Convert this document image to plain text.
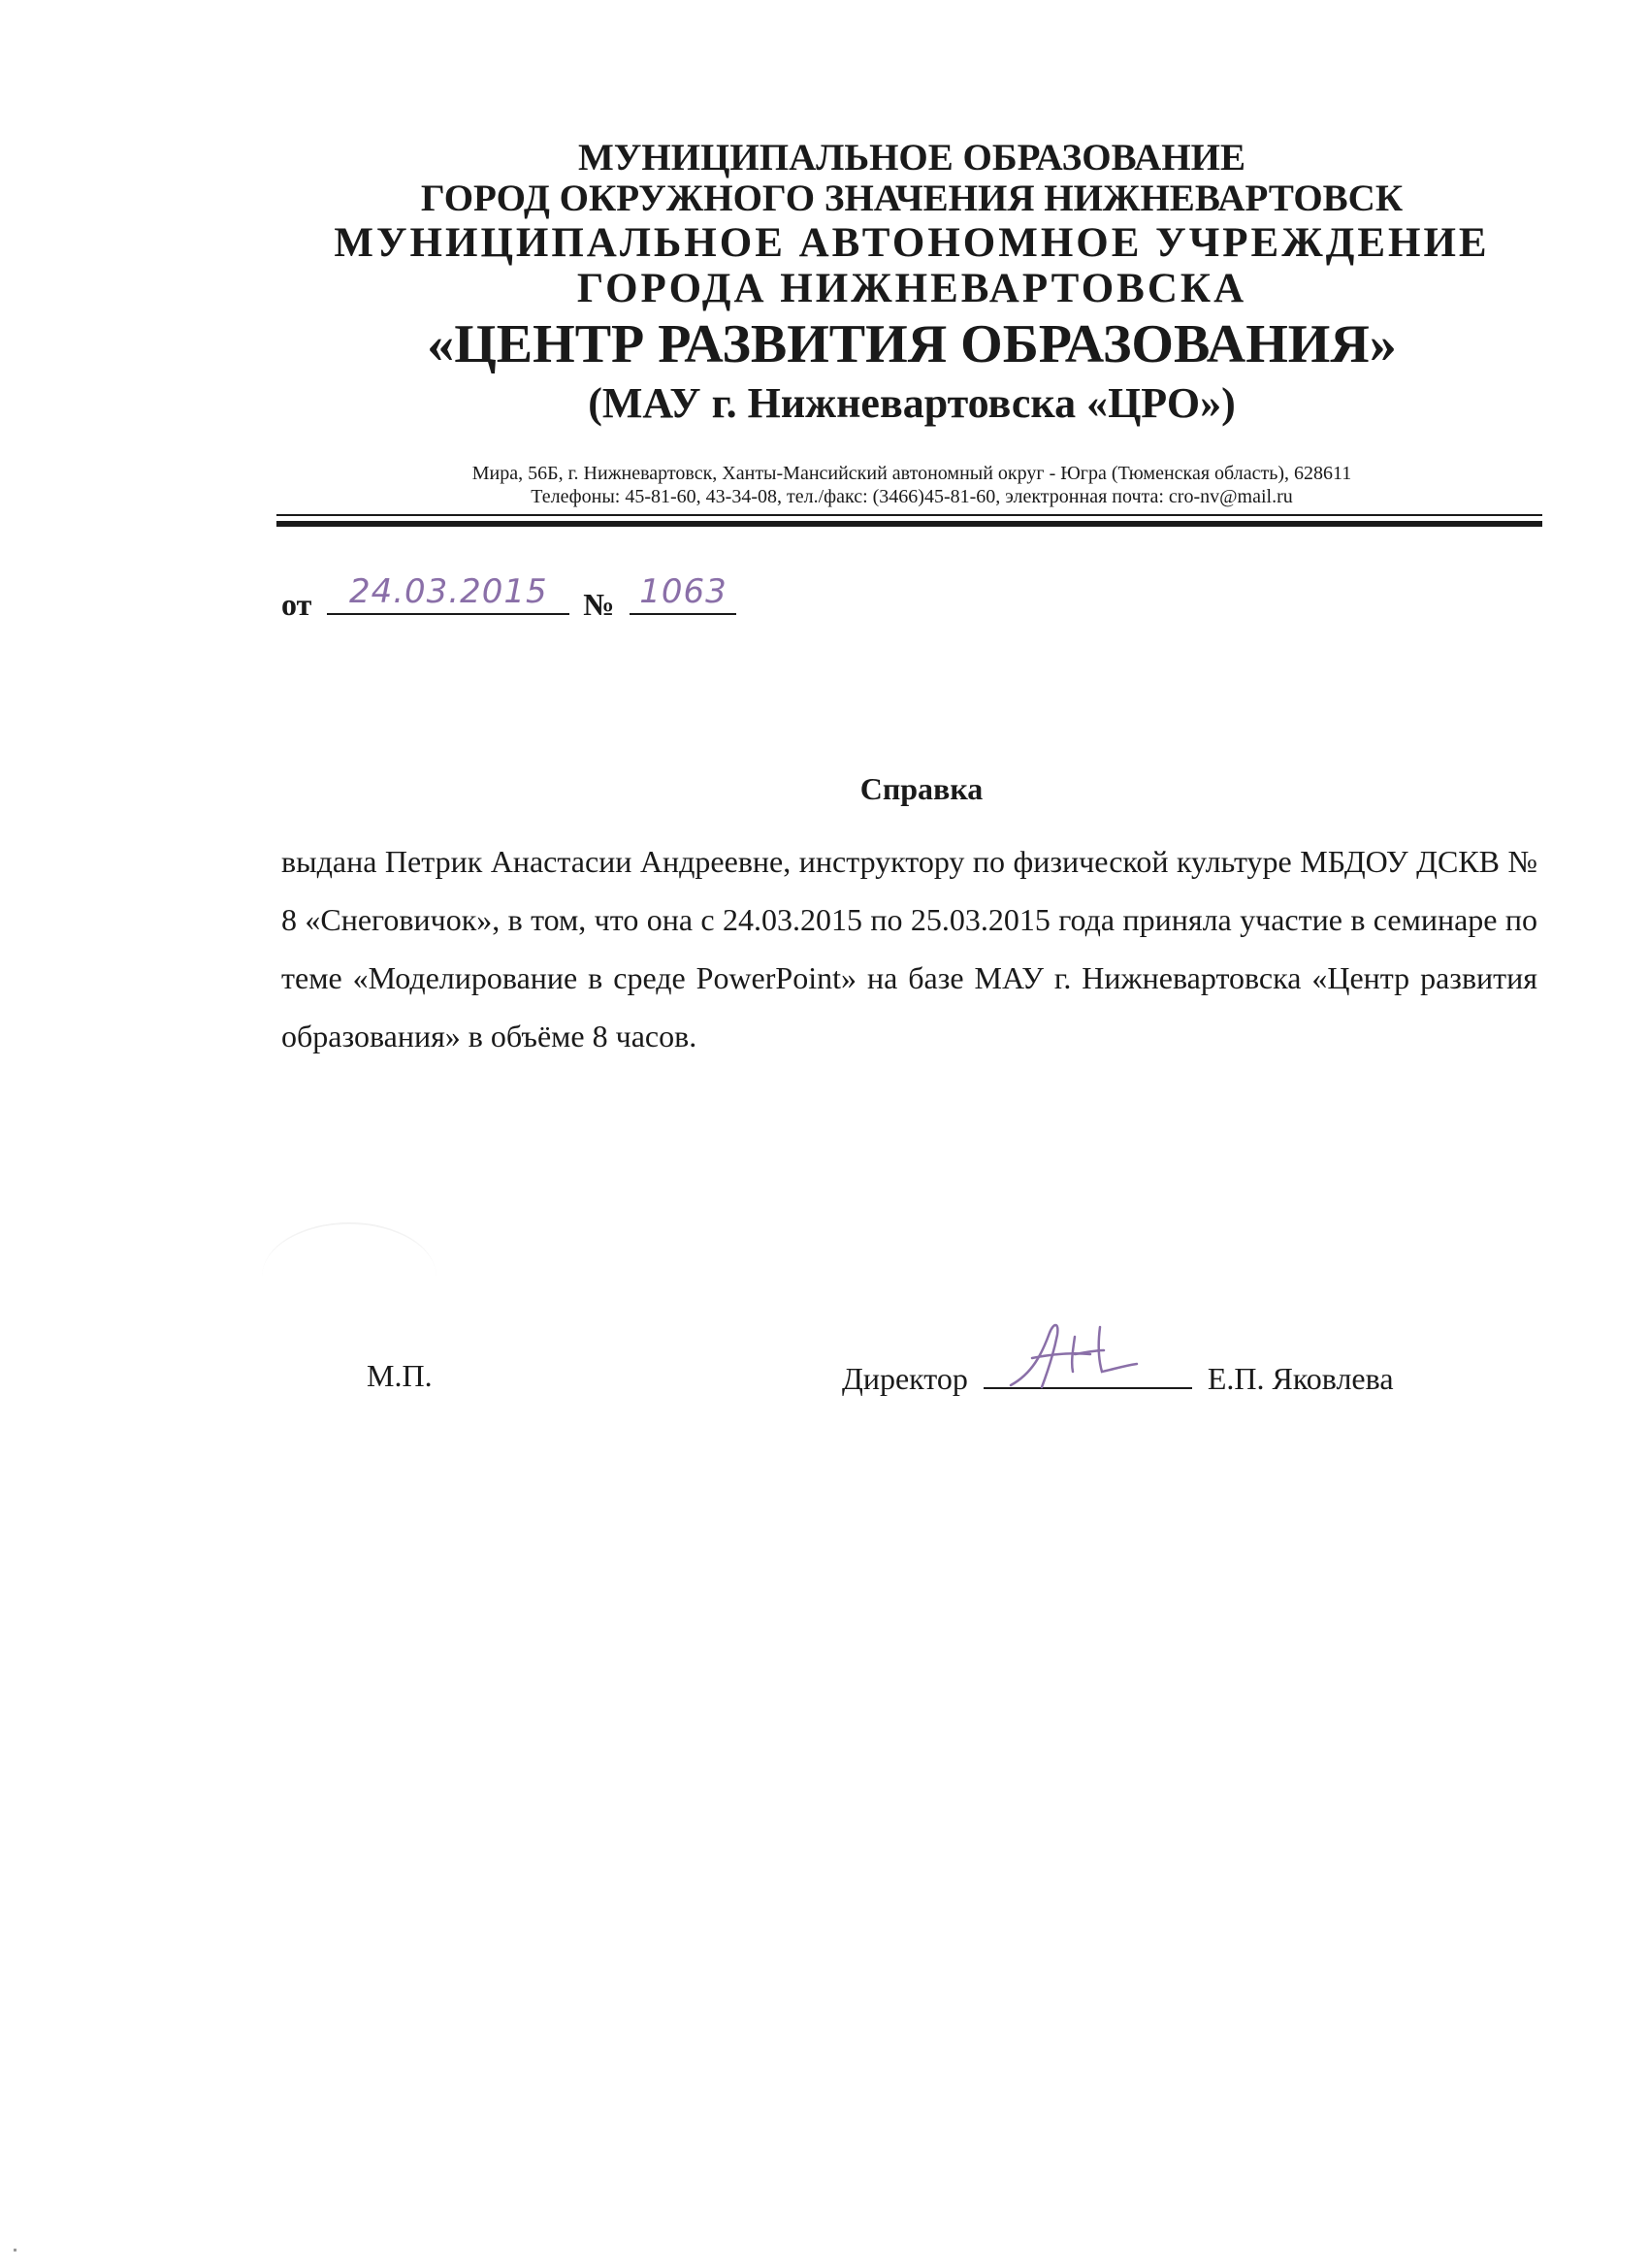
МУНИЦИПАЛЬНОЕ ОБРАЗОВАНИЕ
ГОРОД ОКРУЖНОГО ЗНАЧЕНИЯ НИЖНЕВАРТОВСК
МУНИЦИПАЛЬНОЕ АВТОНОМНОЕ УЧРЕЖДЕНИЕ
ГОРОДА НИЖНЕВАРТОВСКА
«ЦЕНТР РАЗВИТИЯ ОБРАЗОВАНИЯ»
(МАУ г. Нижневартовска «ЦРО»)
Мира, 56Б, г. Нижневартовск, Ханты-Мансийский автономный округ - Югра (Тюменская область), 628611
Телефоны: 45-81-60, 43-34-08, тел./факс: (3466)45-81-60, электронная почта: cro-nv@mail.ru
от	24.03.2015	№ 1063
Справка
выдана Петрик Анастасии Андреевне, инструктору по физической культуре МБДОУ ДСКВ № 8 «Снеговичок», в том, что она с 24.03.2015 по 25.03.2015 года приняла участие в семинаре по теме «Моделирование в среде PowerPoint» на базе МАУ г. Нижневартовска «Центр развития образования» в объёме 8 часов.
М.П.	Директор	Е.П. Яковлева
